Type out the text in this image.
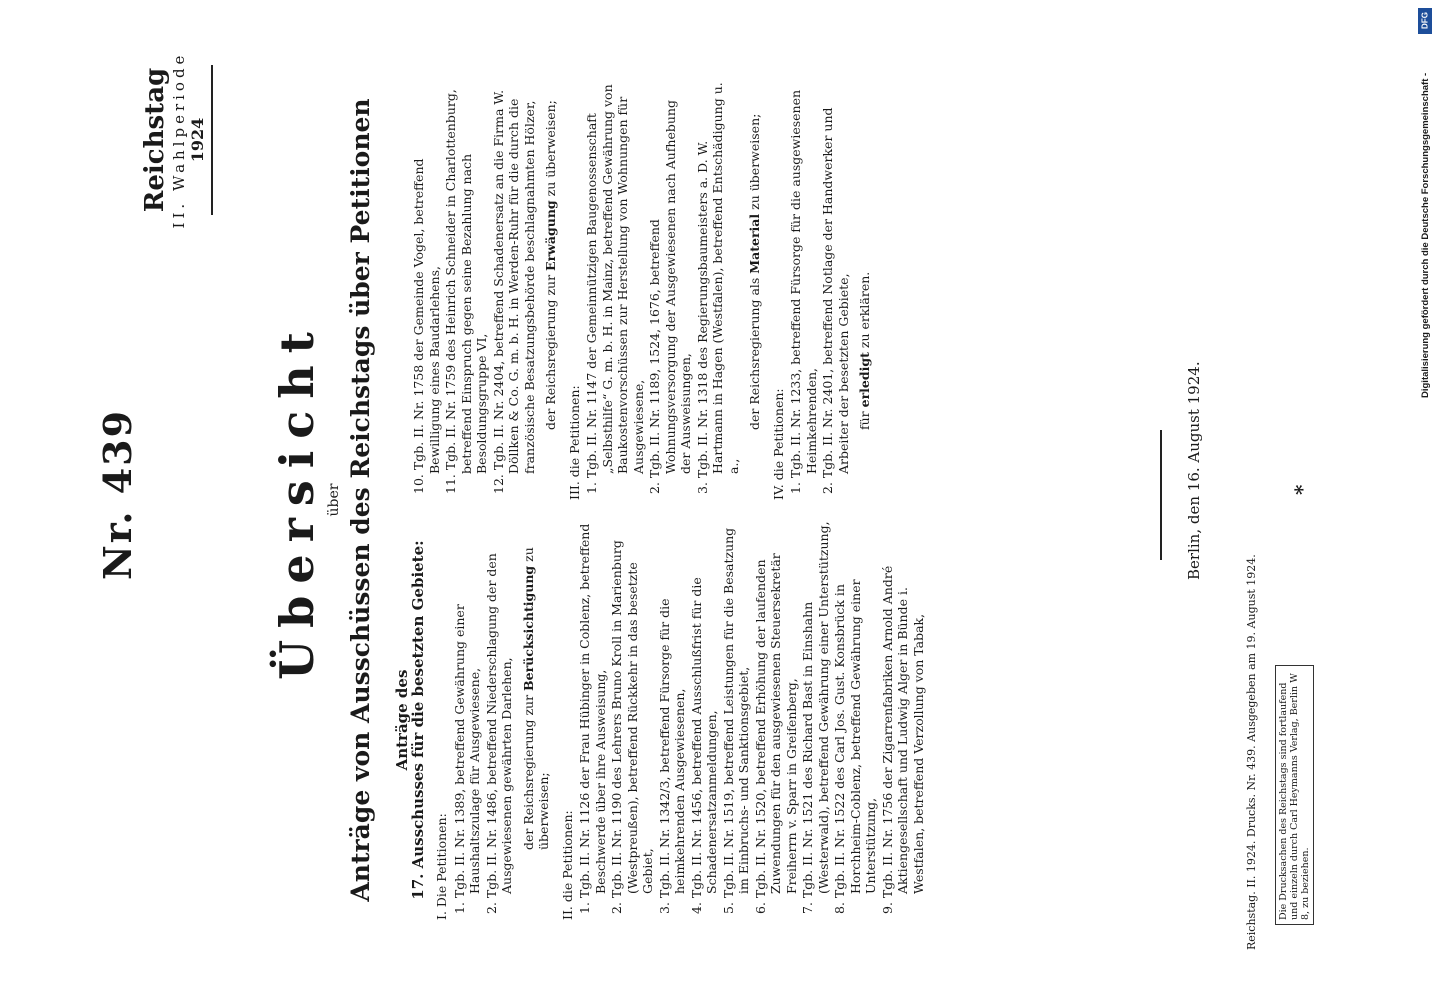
Nr. 439
Reichstag II. Wahlperiode 1924
Übersicht über Anträge von Ausschüssen des Reichstags über Petitionen Anträge des
17. Ausschusses für die besetzten Gebiete: I. Die Petitionen: 1. Tgb. II. Nr. 1389, betreffend Gewährung einer Haushaltszulage für Ausgewiesene, 2. Tgb. II. Nr. 1486, betreffend Niederschlagung der den Ausgewiesenen gewährten Darlehen, der Reichsregierung zur Berücksichtigung zu überweisen; II. die Petitionen: 1. Tgb. II. Nr. 1126 der Frau Hübinger in Coblenz, betreffend Beschwerde über ihre Ausweisung, 2. Tgb. II. Nr. 1190 des Lehrers Bruno Kroll in Marienburg (Westpreußen), betreffend Rückkehr in das besetzte Gebiet, 3. Tgb. II. Nr. 1342/3, betreffend Fürsorge für die heimkehrenden Ausgewiesenen, 4. Tgb. II. Nr. 1456, betreffend Ausschlußfrist für die Schadenersatzanmeldungen, 5. Tgb. II. Nr. 1519, betreffend Leistungen für die Besatzung im Einbruchs- und Sanktionsgebiet, 6. Tgb. II. Nr. 1520, betreffend Erhöhung der laufenden Zuwendungen für den ausgewiesenen Steuersekretär Freiherrn v. Sparr in Greifenberg, 7. Tgb. II. Nr. 1521 des Richard Bast in Einshahn (Westerwald), betreffend Gewährung einer Unterstützung, 8. Tgb. II. Nr. 1522 des Carl Jos. Gust. Konsbrück in Horchheim-Coblenz, betreffend Gewährung einer Unterstützung, 9. Tgb. II. Nr. 1756 der Zigarrenfabriken Arnold André Aktiengesellschaft und Ludwig Alger in Bünde i. Westfalen, betreffend Verzollung von Tabak,
10. Tgb. II. Nr. 1758 der Gemeinde Vogel, betreffend Bewilligung eines Baudarlehens, 11. Tgb. II. Nr. 1759 des Heinrich Schneider in Charlottenburg, betreffend Einspruch gegen seine Bezahlung nach Besoldungsgruppe VI, 12. Tgb. II. Nr. 2404, betreffend Schadenersatz an die Firma W. Döllken & Co. G. m. b. H. in Werden-Ruhr für die durch die französische Besatzungsbehörde beschlagnahmten Hölzer, der Reichsregierung zur Erwägung zu überweisen;
III. die Petitionen: 1. Tgb. II. Nr. 1147 der Gemeinnützigen Baugenossenschaft „Selbsthilfe“ G. m. b. H. in Mainz, betreffend Gewährung von Baukostenvorschüssen zur Herstellung von Wohnungen für Ausgewiesene, 2. Tgb. II. Nr. 1189, 1524, 1676, betreffend Wohnungsversorgung der Ausgewiesenen nach Aufhebung der Ausweisungen, 3. Tgb. II. Nr. 1318 des Regierungsbaumeisters a. D. W. Hartmann in Hagen (Westfalen), betreffend Entschädigung u. a.,
der Reichsregierung als Material zu überweisen;
IV. die Petitionen: 1. Tgb. II. Nr. 1233, betreffend Fürsorge für die ausgewiesenen Heimkehrenden, 2. Tgb. II. Nr. 2401, betreffend Notlage der Handwerker und Arbeiter der besetzten Gebiete, für erledigt zu erklären.
Berlin, den 16. August 1924.
Reichstag. II. 1924. Drucks. Nr. 439. Ausgegeben am 19. August 1924.	Die Drucksachen des Reichstags sind fortlaufend und einzeln durch Carl Heymanns Verlag, Berlin W 8, zu beziehen.
*
DFG
Digitalisierung gefördert durch die Deutsche Forschungsgemeinschaft -
